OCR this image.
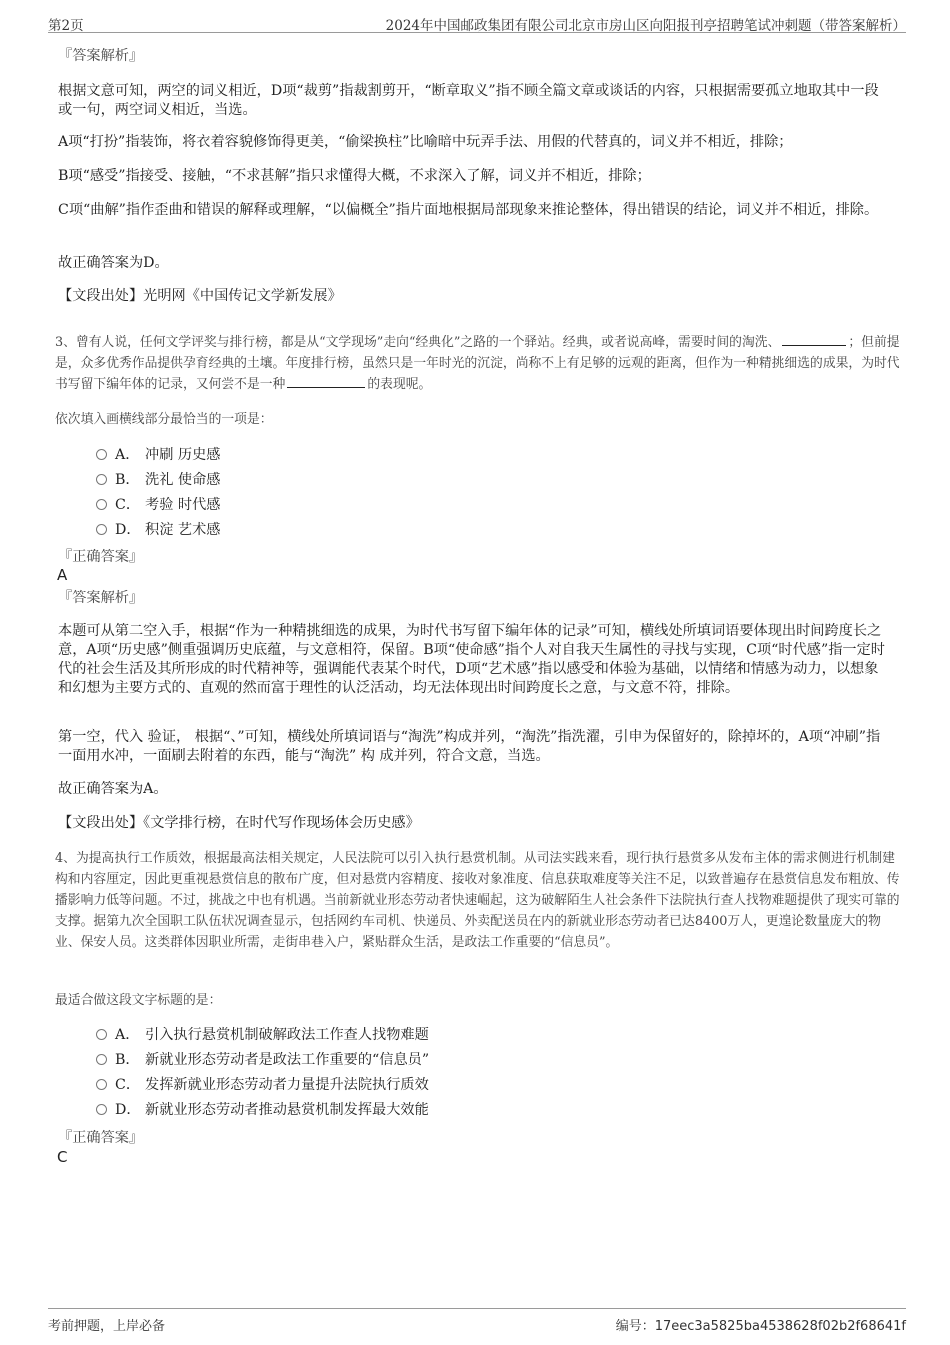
第2页	2024年中国邮政集团有限公司北京市房山区向阳报刊亭招聘笔试冲刺题（带答案解析）
『答案解析』
根据文意可知，两空的词义相近，D项“裁剪”指裁割剪开，“断章取义”指不顾全篇文章或谈话的内容，只根据需要孤立地取其中一段或一句，两空词义相近，当选。
A项“打扮”指装饰，将衣着容貌修饰得更美，“偷梁换柱”比喻暗中玩弄手法、用假的代替真的，词义并不相近，排除；
B项“感受”指接受、接触，“不求甚解”指只求懂得大概，不求深入了解，词义并不相近，排除；
C项“曲解”指作歪曲和错误的解释或理解，“以偏概全”指片面地根据局部现象来推论整体，得出错误的结论，词义并不相近，排除。
故正确答案为D。
【文段出处】光明网《中国传记文学新发展》
3、曾有人说，任何文学评奖与排行榜，都是从“文学现场”走向“经典化”之路的一个驿站。经典，或者说高峰，需要时间的淘洗、	；但前提是，众多优秀作品提供孕育经典的土壤。年度排行榜，虽然只是一年时光的沉淀，尚称不上有足够的远观的距离，但作为一种精挑细选的成果，为时代书写留下编年体的记录，又何尝不是一种	的表现呢。
依次填入画横线部分最恰当的一项是：
A． 冲刷 历史感
B． 洗礼 使命感
C． 考验 时代感
D． 积淀 艺术感
『正确答案』
A
『答案解析』
本题可从第二空入手，根据“作为一种精挑细选的成果，为时代书写留下编年体的记录”可知，横线处所填词语要体现出时间跨度长之意，A项“历史感”侧重强调历史底蕴，与文意相符，保留。B项“使命感”指个人对自我天生属性的寻找与实现，C项“时代感”指一定时代的社会生活及其所形成的时代精神等，强调能代表某个时代，D项“艺术感”指以感受和体验为基础，以情绪和情感为动力，以想象和幻想为主要方式的、直观的然而富于理性的认泛活动，均无法体现出时间跨度长之意，与文意不符，排除。
第一空，代入 验证， 根据“、”可知，横线处所填词语与“淘洗”构成并列，“淘洗”指洗濯，引申为保留好的，除掉坏的，A项“冲刷”指一面用水冲，一面刷去附着的东西，能与“淘洗” 构 成并列，符合文意，当选。
故正确答案为A。
【文段出处】《文学排行榜，在时代写作现场体会历史感》
4、为提高执行工作质效，根据最高法相关规定，人民法院可以引入执行悬赏机制。从司法实践来看，现行执行悬赏多从发布主体的需求侧进行机制建构和内容厘定，因此更重视悬赏信息的散布广度，但对悬赏内容精度、接收对象准度、信息获取难度等关注不足，以致普遍存在悬赏信息发布粗放、传播影响力低等问题。不过，挑战之中也有机遇。当前新就业形态劳动者快速崛起，这为破解陌生人社会条件下法院执行查人找物难题提供了现实可靠的支撑。据第九次全国职工队伍状况调查显示，包括网约车司机、快递员、外卖配送员在内的新就业形态劳动者已达8400万人，更遑论数量庞大的物业、保安人员。这类群体因职业所需，走街串巷入户，紧贴群众生活，是政法工作重要的“信息员”。
最适合做这段文字标题的是：
A． 引入执行悬赏机制破解政法工作查人找物难题
B． 新就业形态劳动者是政法工作重要的“信息员”
C． 发挥新就业形态劳动者力量提升法院执行质效
D． 新就业形态劳动者推动悬赏机制发挥最大效能
『正确答案』
C
考前押题，上岸必备	编号：17eec3a5825ba4538628f02b2f68641f
